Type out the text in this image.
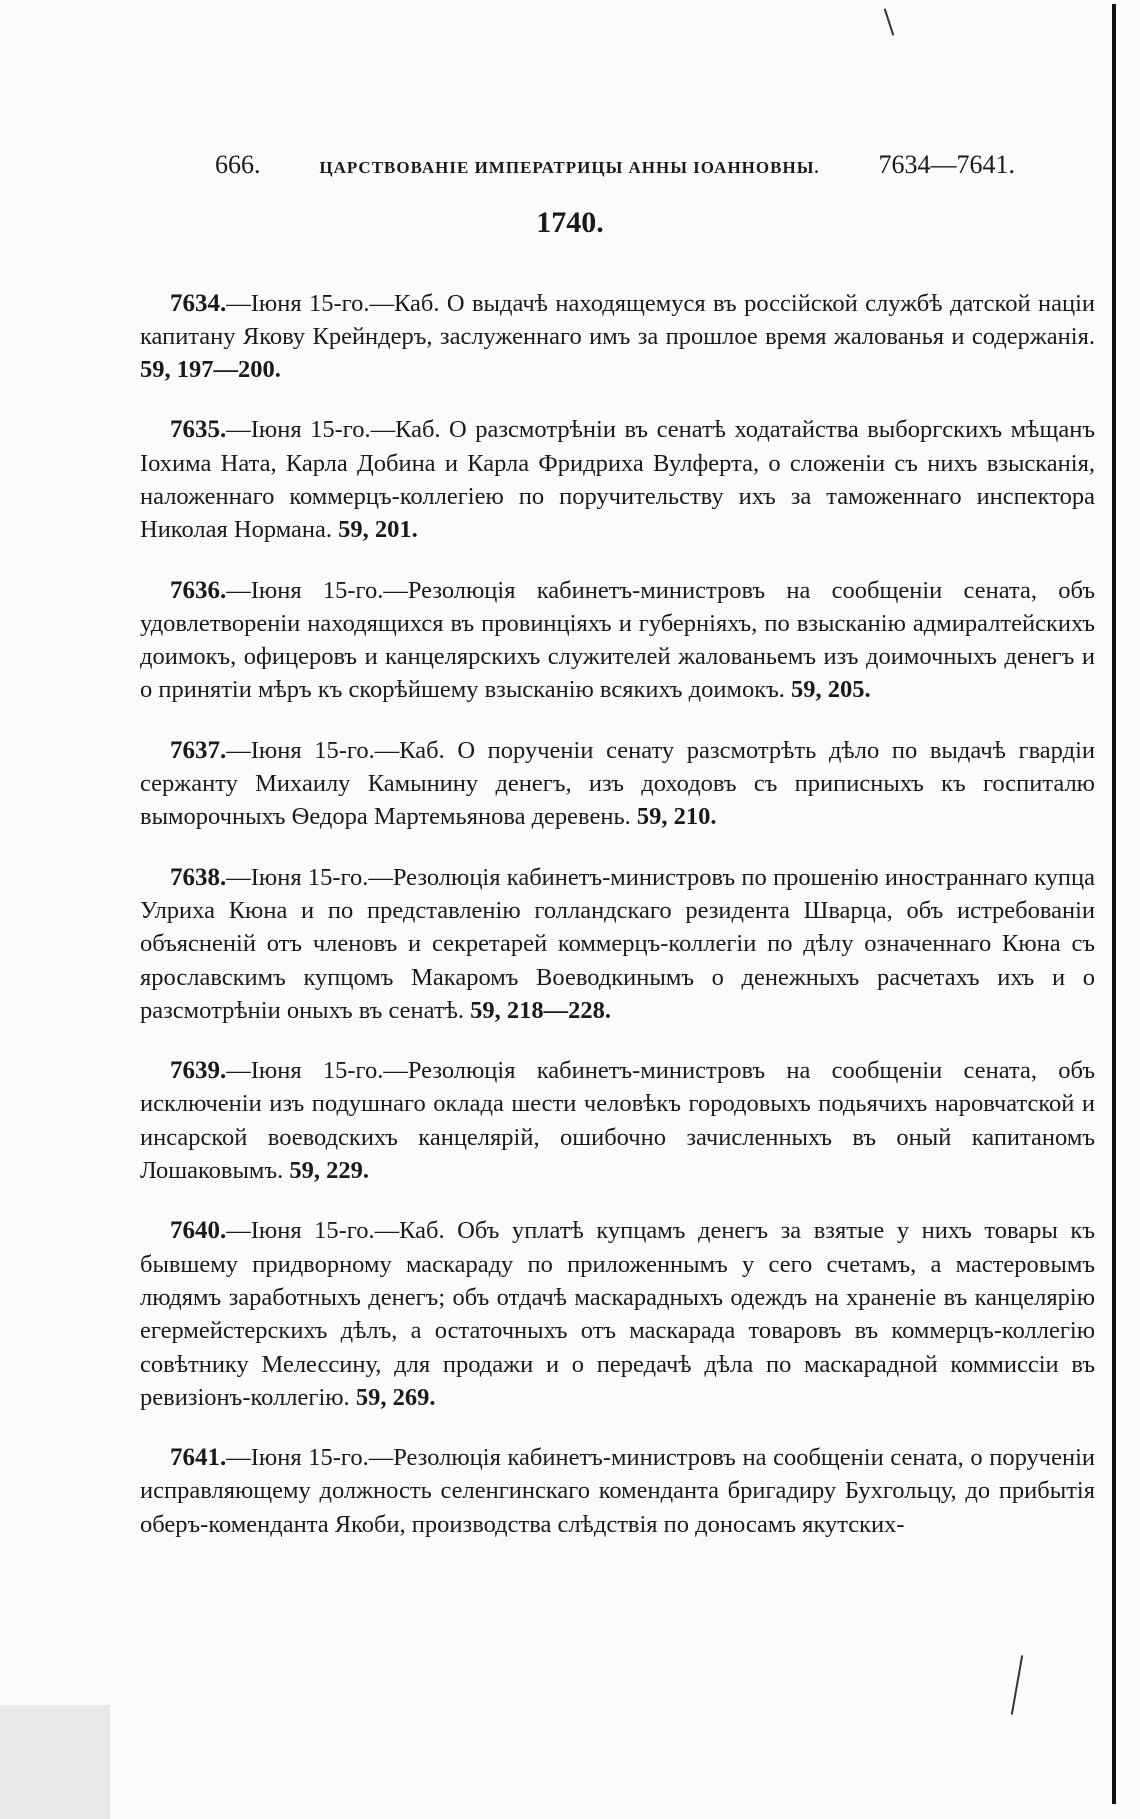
666.	ЦАРСТВОВАНІЕ ИМПЕРАТРИЦЫ АННЫ ІОАННОВНЫ. 7634—7641.
1740.

7634.—Іюня 15-го.—Каб. О выдачѣ находящемуся въ россійской службѣ датской націи капитану Якову Крейндеръ, заслуженнаго имъ за прошлое время жалованья и содержанія. 59, 197—200.

7635.—Іюня 15-го.—Каб. О разсмотрѣніи въ сенатѣ ходатайства выборгскихъ мѣщанъ Іохима Ната, Карла Добина и Карла Фридриха Вулферта, о сложеніи съ нихъ взысканія, наложеннаго коммерцъ-коллегіею по поручительству ихъ за таможеннаго инспектора Николая Нормана. 59, 201.

7636.—Іюня 15-го.—Резолюція кабинетъ-министровъ на сообщеніи сената, объ удовлетвореніи находящихся въ провинціяхъ и губерніяхъ, по взысканію адмиралтейскихъ доимокъ, офицеровъ и канцелярскихъ служителей жалованьемъ изъ доимочныхъ денегъ и о принятіи мѣръ къ скорѣйшему взысканію всякихъ доимокъ. 59, 205.

7637.—Іюня 15-го.—Каб. О порученіи сенату разсмотрѣть дѣло по выдачѣ гвардіи сержанту Михаилу Камынину денегъ, изъ доходовъ съ приписныхъ къ госпиталю выморочныхъ Ѳедора Мартемьянова деревень. 59, 210.

7638.—Іюня 15-го.—Резолюція кабинетъ-министровъ по прошенію иностраннаго купца Улриха Кюна и по представленію голландскаго резидента Шварца, объ истребованіи объясненій отъ членовъ и секретарей коммерцъ-коллегіи по дѣлу означеннаго Кюна съ ярославскимъ купцомъ Макаромъ Воеводкинымъ о денежныхъ расчетахъ ихъ и о разсмотрѣніи оныхъ въ сенатѣ. 59, 218—228.

7639.—Іюня 15-го.—Резолюція кабинетъ-министровъ на сообщеніи сената, объ исключеніи изъ подушнаго оклада шести человѣкъ городовыхъ подьячихъ наровчатской и инсарской воеводскихъ канцелярій, ошибочно зачисленныхъ въ оный капитаномъ Лошаковымъ. 59, 229.

7640.—Іюня 15-го.—Каб. Объ уплатѣ купцамъ денегъ за взятые у нихъ товары къ бывшему придворному маскараду по приложеннымъ у сего счетамъ, а мастеровымъ людямъ заработныхъ денегъ; объ отдачѣ маскарадныхъ одеждъ на храненіе въ канцелярію егермейстерскихъ дѣлъ, а остаточныхъ отъ маскарада товаровъ въ коммерцъ-коллегію совѣтнику Мелессину, для продажи и о передачѣ дѣла по маскарадной коммиссіи въ ревизіонъ-коллегію. 59, 269.

7641.—Іюня 15-го.—Резолюція кабинетъ-министровъ на сообщеніи сената, о порученіи исправляющему должность селенгинскаго коменданта бригадиру Бухгольцу, до прибытія оберъ-коменданта Якоби, производства слѣдствія по доносамъ якутских-
